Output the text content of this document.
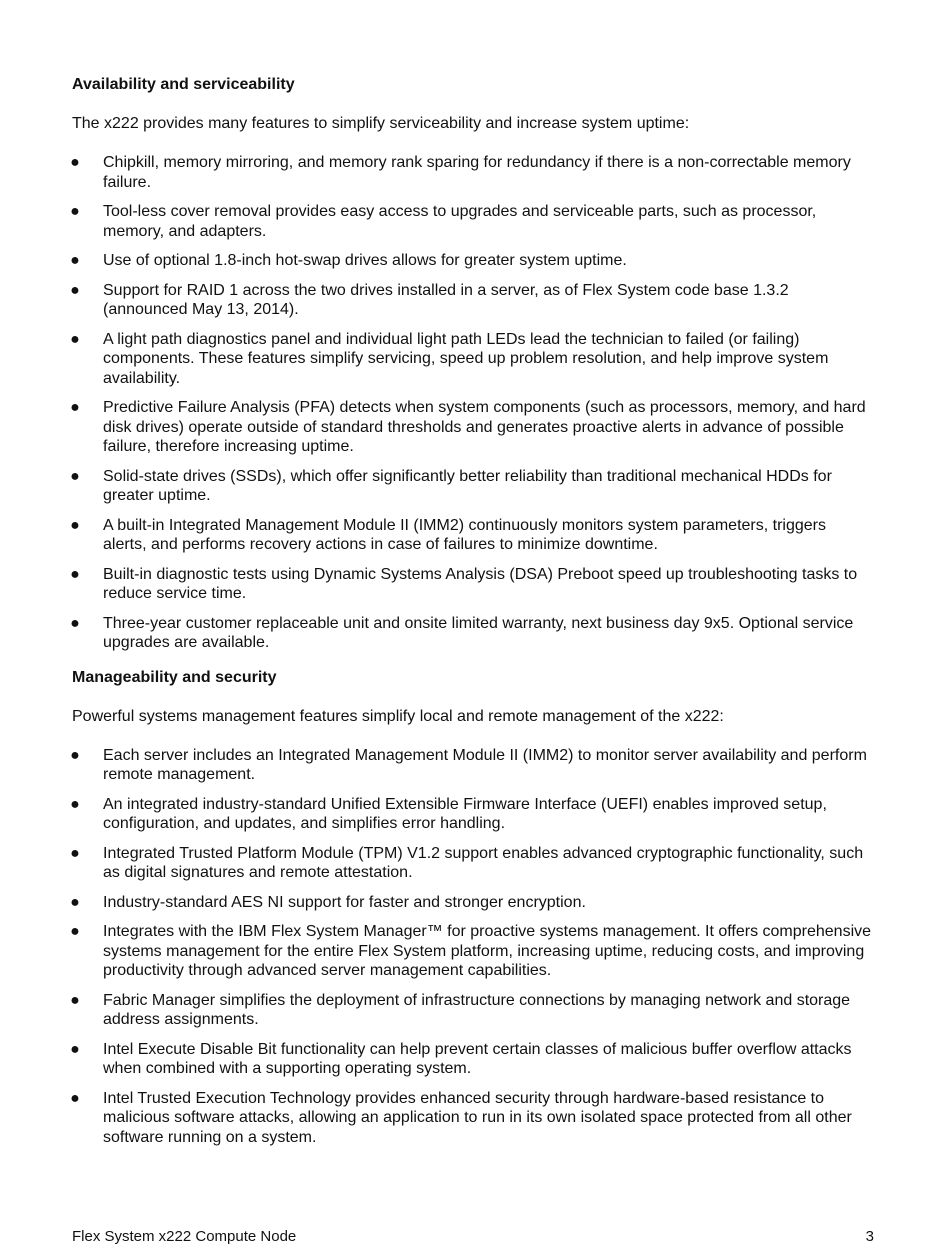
Availability and serviceability
The x222 provides many features to simplify serviceability and increase system uptime:
● Chipkill, memory mirroring, and memory rank sparing for redundancy if there is a non-correctable memory failure.
● Tool-less cover removal provides easy access to upgrades and serviceable parts, such as processor, memory, and adapters.
● Use of optional 1.8-inch hot-swap drives allows for greater system uptime.
● Support for RAID 1 across the two drives installed in a server, as of Flex System code base 1.3.2 (announced May 13, 2014).
● A light path diagnostics panel and individual light path LEDs lead the technician to failed (or failing) components. These features simplify servicing, speed up problem resolution, and help improve system availability.
● Predictive Failure Analysis (PFA) detects when system components (such as processors, memory, and hard disk drives) operate outside of standard thresholds and generates proactive alerts in advance of possible failure, therefore increasing uptime.
● Solid-state drives (SSDs), which offer significantly better reliability than traditional mechanical HDDs for greater uptime.
● A built-in Integrated Management Module II (IMM2) continuously monitors system parameters, triggers alerts, and performs recovery actions in case of failures to minimize downtime.
● Built-in diagnostic tests using Dynamic Systems Analysis (DSA) Preboot speed up troubleshooting tasks to reduce service time.
● Three-year customer replaceable unit and onsite limited warranty, next business day 9x5. Optional service upgrades are available.
Manageability and security
Powerful systems management features simplify local and remote management of the x222:
● Each server includes an Integrated Management Module II (IMM2) to monitor server availability and perform remote management.
● An integrated industry-standard Unified Extensible Firmware Interface (UEFI) enables improved setup, configuration, and updates, and simplifies error handling.
● Integrated Trusted Platform Module (TPM) V1.2 support enables advanced cryptographic functionality, such as digital signatures and remote attestation.
● Industry-standard AES NI support for faster and stronger encryption.
● Integrates with the IBM Flex System Manager™ for proactive systems management. It offers comprehensive systems management for the entire Flex System platform, increasing uptime, reducing costs, and improving productivity through advanced server management capabilities.
● Fabric Manager simplifies the deployment of infrastructure connections by managing network and storage address assignments.
● Intel Execute Disable Bit functionality can help prevent certain classes of malicious buffer overflow attacks when combined with a supporting operating system.
● Intel Trusted Execution Technology provides enhanced security through hardware-based resistance to malicious software attacks, allowing an application to run in its own isolated space protected from all other software running on a system.
Flex System x222 Compute Node	3
